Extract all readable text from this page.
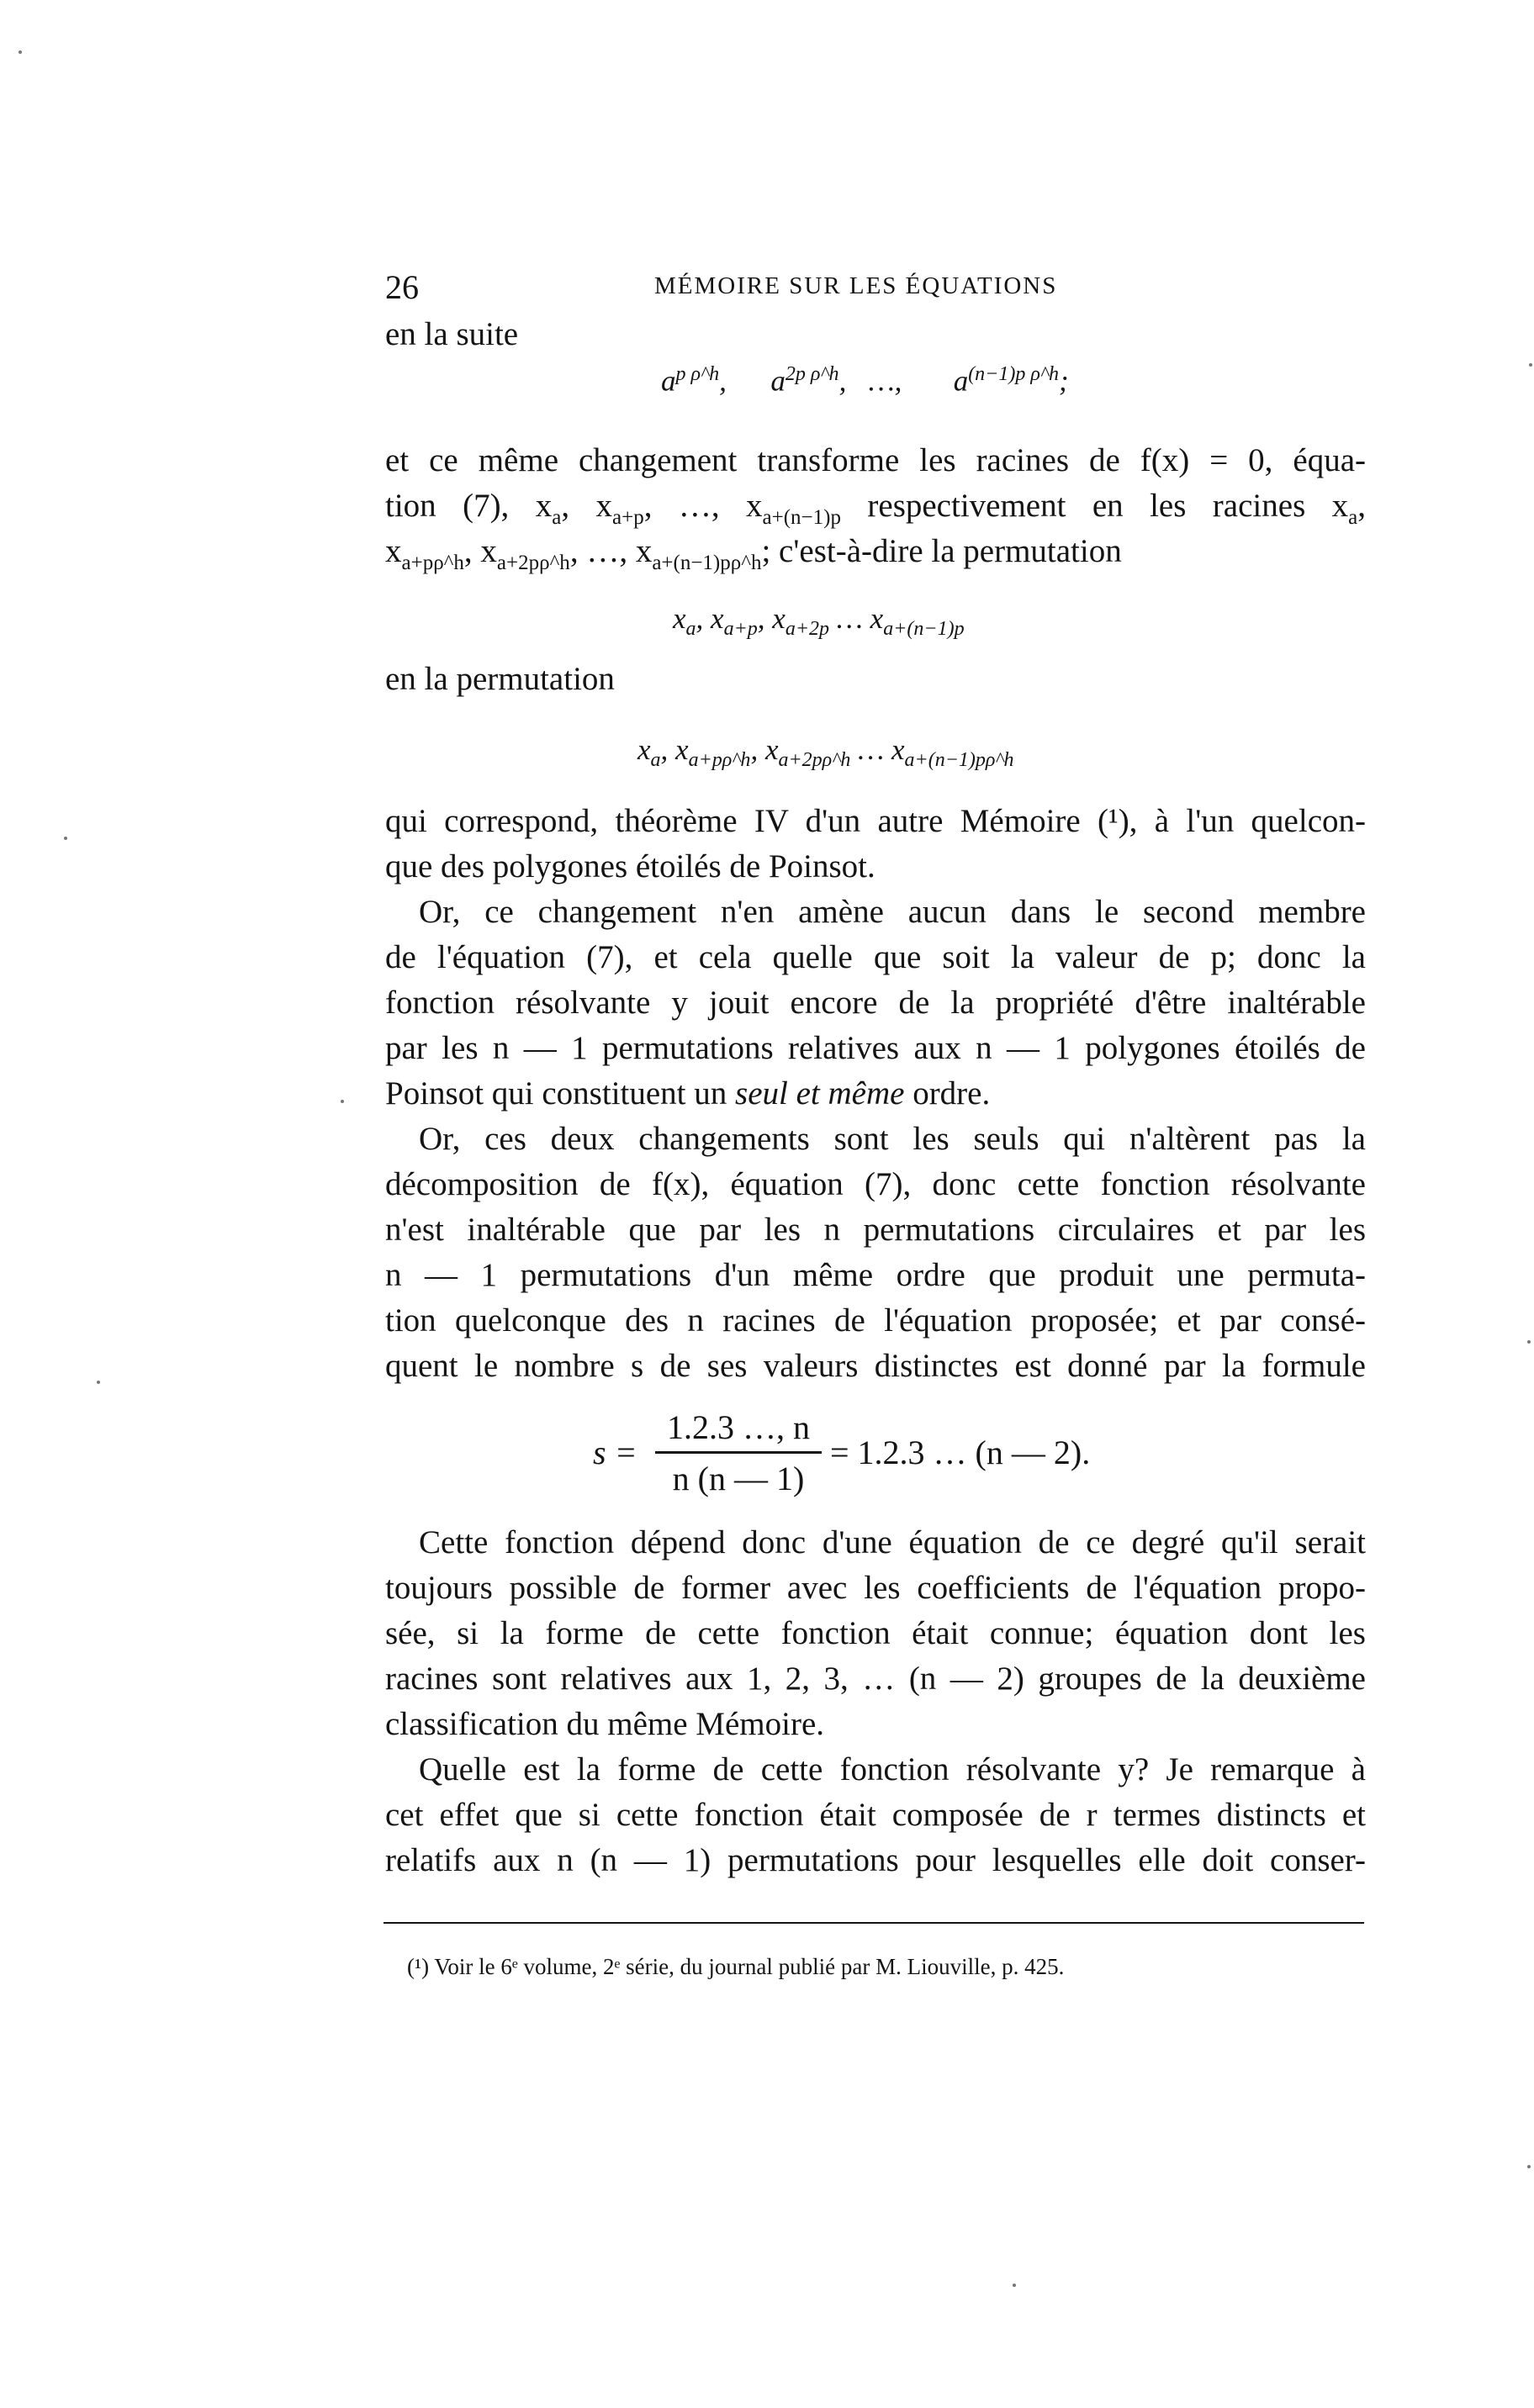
26	MÉMOIRE SUR LES ÉQUATIONS
en la suite
$a^{p \rho\^{}h}$,      $a^{2p \rho\^{}h}$,   …, $a^{(n-1)p \rho\^{}h}$;
et ce même changement transforme les racines de f(x) = 0, équa-
tion (7), $x_a$, $x_{a+p}$, …, $x_{a+(n-1)p}$ respectivement en les racines $x_a$,
$x_{a+p\rho\^{}h}$, $x_{a+2p\rho\^{}h}$, …, $x_{a+(n-1)p\rho\^{}h}$; c'est-à-dire la permutation
$x_a$, $x_{a+p}$, $x_{a+2p}$ … $x_{a+(n-1)p}$
en la permutation
$x_a$, $x_{a+p\rho\^{}h}$, $x_{a+2p\rho\^{}h}$ … $x_{a+(n-1)p\rho\^{}h}$
qui correspond, théorème IV d'un autre Mémoire (¹), à l'un quelcon-
que des polygones étoilés de Poinsot.
Or, ce changement n'en amène aucun dans le second membre
de l'équation (7), et cela quelle que soit la valeur de p; donc la
fonction résolvante y jouit encore de la propriété d'être inaltérable
par les n — 1 permutations relatives aux n — 1 polygones étoilés de
Poinsot qui constituent un seul et même ordre.
Or, ces deux changements sont les seuls qui n'altèrent pas la
décomposition de f(x), équation (7), donc cette fonction résolvante
n'est inaltérable que par les n permutations circulaires et par les
n — 1 permutations d'un même ordre que produit une permuta-
tion quelconque des n racines de l'équation proposée; et par consé-
quent le nombre s de ses valeurs distinctes est donné par la formule
s =
1.2.3 …, n
n (n — 1)
= 1.2.3 … (n — 2).
Cette fonction dépend donc d'une équation de ce degré qu'il serait
toujours possible de former avec les coefficients de l'équation propo-
sée, si la forme de cette fonction était connue; équation dont les
racines sont relatives aux 1, 2, 3, … (n — 2) groupes de la deuxième
classification du même Mémoire.
Quelle est la forme de cette fonction résolvante y? Je remarque à
cet effet que si cette fonction était composée de r termes distincts et
relatifs aux n (n — 1) permutations pour lesquelles elle doit conser-
(¹) Voir le 6ᵉ volume, 2ᵉ série, du journal publié par M. Liouville, p. 425.
